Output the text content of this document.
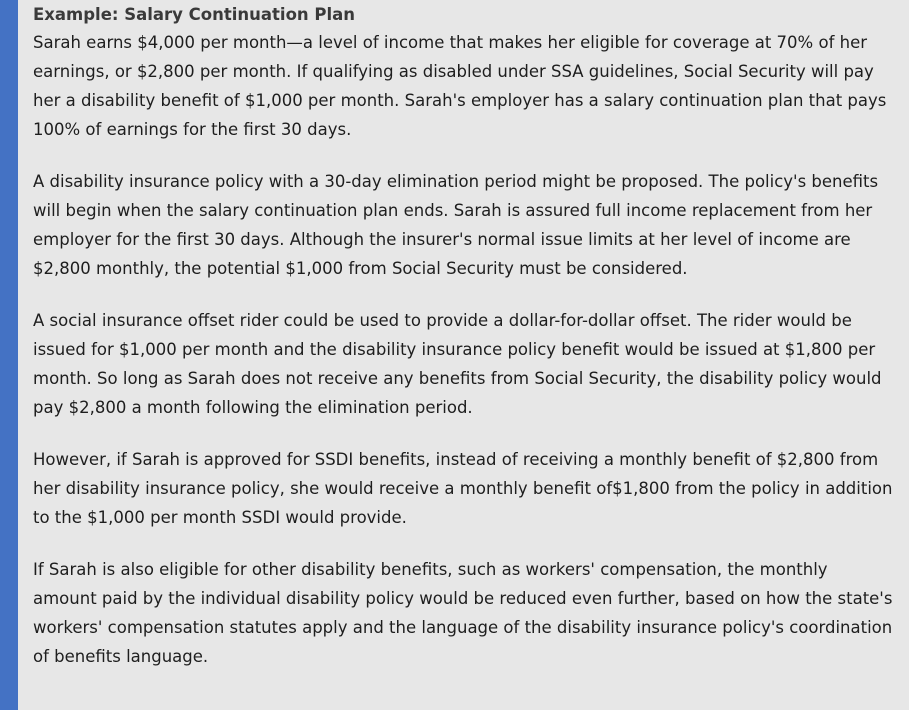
Example: Salary Continuation Plan

Sarah earns $4,000 per month—a level of income that makes her eligible for coverage at 70% of her earnings, or $2,800 per month. If qualifying as disabled under SSA guidelines, Social Security will pay her a disability benefit of $1,000 per month. Sarah's employer has a salary continuation plan that pays 100% of earnings for the first 30 days.

A disability insurance policy with a 30-day elimination period might be proposed. The policy's benefits will begin when the salary continuation plan ends. Sarah is assured full income replacement from her employer for the first 30 days. Although the insurer's normal issue limits at her level of income are $2,800 monthly, the potential $1,000 from Social Security must be considered.

A social insurance offset rider could be used to provide a dollar-for-dollar offset. The rider would be issued for $1,000 per month and the disability insurance policy benefit would be issued at $1,800 per month. So long as Sarah does not receive any benefits from Social Security, the disability policy would pay $2,800 a month following the elimination period.

However, if Sarah is approved for SSDI benefits, instead of receiving a monthly benefit of $2,800 from her disability insurance policy, she would receive a monthly benefit of$1,800 from the policy in addition to the $1,000 per month SSDI would provide.

If Sarah is also eligible for other disability benefits, such as workers' compensation, the monthly amount paid by the individual disability policy would be reduced even further, based on how the state's workers' compensation statutes apply and the language of the disability insurance policy's coordination of benefits language.
